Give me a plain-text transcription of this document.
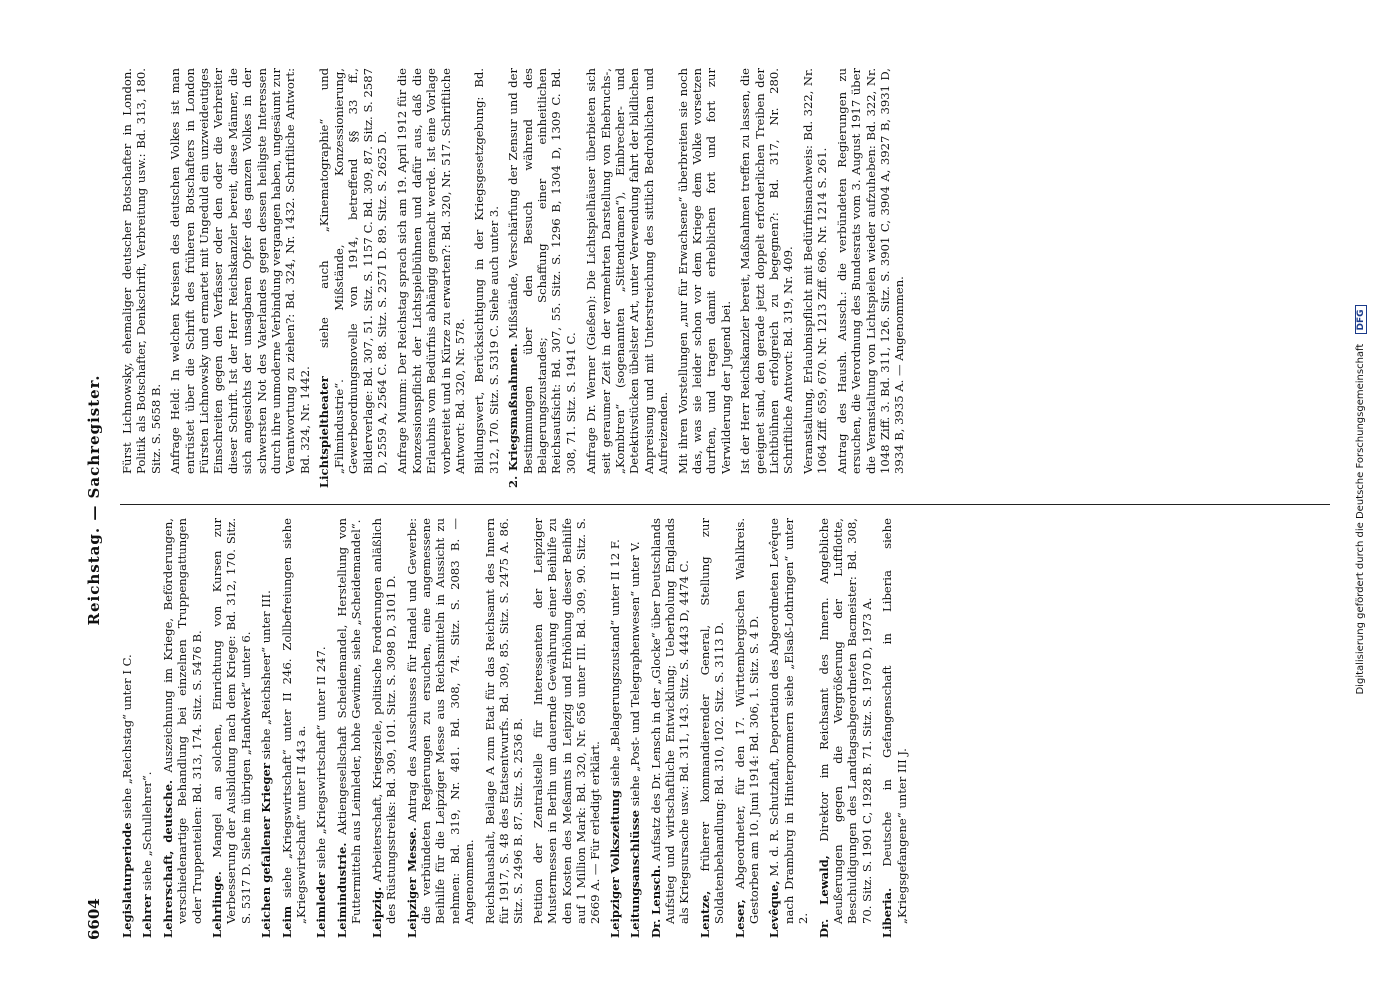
6604
Reichstag. — Sachregister.

Legislaturperiode siehe „Reichstag“ unter I C.

Lehrer siehe „Schullehrer“. Lehrerschaft, deutsche. Auszeichnung im Kriege, Beförderungen, verschiedenartige Behandlung bei einzelnen Truppengattungen oder Truppenteilen: Bd. 313, 174. Sitz. S. 5476 B. Lehrlinge. Mangel an solchen, Einrichtung von Kursen zur Verbesserung der Ausbildung nach dem Kriege: Bd. 312, 170. Sitz. S. 5317 D. Siehe im übrigen „Handwerk“ unter 6. Leichen gefallener Krieger siehe „Reichsheer“ unter III.

Leim siehe „Kriegswirtschaft“ unter II 246. Zollbefreiungen siehe „Kriegswirtschaft“ unter II 443 a. Leimleder siehe „Kriegswirtschaft“ unter II 247.

Leimindustrie. Aktiengesellschaft Scheidemandel, Herstellung von Futtermitteln aus Leimleder, hohe Gewinne, siehe „Scheidemandel“. Leipzig. Arbeiterschaft, Kriegsziele, politische Forderungen anläßlich des Rüstungsstreiks: Bd. 309, 101. Sitz. S. 3098 D, 3101 D. Leipziger Messe. Antrag des Ausschusses für Handel und Gewerbe: die verbündeten Regierungen zu ersuchen, eine angemessene Beihilfe für die Leipziger Messe aus Reichsmitteln in Aussicht zu nehmen: Bd. 319, Nr. 481. Bd. 308, 74. Sitz. S. 2083 B. — Angenommen. Reichshaushalt, Beilage A zum Etat für das Reichsamt des Innern für 1917, S. 48 des Etatsentwurfs. Bd. 309, 85. Sitz. S. 2475 A. 86. Sitz. S. 2496 B. 87. Sitz. S. 2536 B. Petition der Zentralstelle für Interessenten der Leipziger Mustermessen in Berlin um dauernde Gewährung einer Beihilfe zu den Kosten des Meßamts in Leipzig und Erhöhung dieser Beihilfe auf 1 Million Mark: Bd. 320, Nr. 656 unter III. Bd. 309, 90. Sitz. S. 2669 A. — Für erledigt erklärt. Leipziger Volkszeitung siehe „Belagerungszustand“ unter II 12 F.

Leitungsanschlüsse siehe „Post- und Telegraphenwesen“ unter V.

Dr. Lensch. Aufsatz des Dr. Lensch in der „Glocke“ über Deutschlands Aufstieg und wirtschaftliche Entwicklung; Ueberholung Englands als Kriegsursache usw.: Bd. 311, 143. Sitz. S. 4443 D, 4474 C. Lentze, früherer kommandierender General, Stellung zur Soldatenbehandlung: Bd. 310, 102. Sitz. S. 3113 D. Leser, Abgeordneter, für den 17. Württembergischen Wahlkreis. Gestorben am 10. Juni 1914: Bd. 306, 1. Sitz. S. 4 D. Levêque, M. d. R. Schutzhaft, Deportation des Abgeordneten Levêque nach Dramburg in Hinterpommern siehe „Elsaß-Lothringen“ unter 2. Dr. Lewald, Direktor im Reichsamt des Innern. Angebliche Aeußerungen gegen die Vergrößerung der Luftflotte, Beschuldigungen des Landtagsabgeordneten Bacmeister: Bd. 308, 70. Sitz. S. 1901 C, 1928 B. 71. Sitz. S. 1970 D, 1973 A. Liberia. Deutsche in Gefangenschaft in Liberia siehe „Kriegsgefangene“ unter III J.

Fürst Lichnowsky, ehemaliger deutscher Botschafter in London. Politik als Botschafter, Denkschrift, Verbreitung usw.: Bd. 313, 180. Sitz. S. 5658 B. Anfrage Held: In welchen Kreisen des deutschen Volkes ist man entrüstet über die Schrift des früheren Botschafters in London Fürsten Lichnowsky und ermartet mit Ungeduld ein unzweideutiges Einschreiten gegen den Verfasser oder den oder die Verbreiter dieser Schrift. Ist der Herr Reichskanzler bereit, diese Männer, die sich angesichts der unsagbaren Opfer des ganzen Volkes in der schwersten Not des Vaterlandes gegen dessen heiligste Interessen durch ihre unmoderne Verbindung vergangen haben, ungesäumt zur Verantwortung zu ziehen?: Bd. 324, Nr. 1432. Schriftliche Antwort: Bd. 324, Nr. 1442. Lichtspieltheater siehe auch „Kinematographie“ und „Filmindustrie“. Mißstände, Konzessionierung, Gewerbeordnungsnovelle von 1914, betreffend §§ 33 ff., Bilderverlage: Bd. 307, 51. Sitz. S. 1157 C. Bd. 309, 87. Sitz. S. 2587 D, 2559 A, 2564 C. 88. Sitz. S. 2571 D. 89. Sitz. S. 2625 D. Anfrage Mumm: Der Reichstag sprach sich am 19. April 1912 für die Konzessionspflicht der Lichtspielbühnen und dafür aus, daß die Erlaubnis vom Bedürfnis abhängig gemacht werde. Ist eine Vorlage vorbereitet und in Kürze zu erwarten?: Bd. 320, Nr. 517. Schriftliche Antwort: Bd. 320, Nr. 578. Bildungswert, Berücksichtigung in der Kriegsgesetzgebung: Bd. 312, 170. Sitz. S. 5319 C. Siehe auch unter 3. 2. Kriegsmaßnahmen. Mißstände, Verschärfung der Zensur und der Bestimmungen über den Besuch während des Belagerungszustandes; Schaffung einer einheitlichen Reichsaufsicht: Bd. 307, 55. Sitz. S. 1296 B, 1304 D, 1309 C. Bd. 308, 71. Sitz. S. 1941 C. Anfrage Dr. Werner (Gießen): Die Lichtspielhäuser überbieten sich seit geraumer Zeit in der vermehrten Darstellung von Ehebruchs-, „Kombtren“ (sogenannten „Sittendramen“), Einbrecher- und Detektivstücken übelster Art, unter Verwendung fahrt der bildlichen Anpreisung und mit Unterstreichung des sittlich Bedrohlichen und Aufreizenden. Mit ihren Vorstellungen „nur für Erwachsene“ überbreiten sie noch das, was sie leider schon vor dem Kriege dem Volke vorsetzen durften, und tragen damit erheblichen fort und fort zur Verwilderung der Jugend bei. Ist der Herr Reichskanzler bereit, Maßnahmen treffen zu lassen, die geeignet sind, den gerade jetzt doppelt erforderlichen Treiben der Lichtbühnen erfolgreich zu begegnen?: Bd. 317, Nr. 280. Schriftliche Antwort: Bd. 319, Nr. 409. Veranstaltung, Erlaubnispflicht mit Bedürfnisnachweis: Bd. 322, Nr. 1064 Ziff. 659, 670. Nr. 1213 Ziff. 696. Nr. 1214 S. 261. Antrag des Haush. Aussch.: die verbündeten Regierungen zu ersuchen, die Verordnung des Bundesrats vom 3. August 1917 über die Veranstaltung von Lichtspielen wieder aufzuheben: Bd. 322, Nr. 1048 Ziff. 3. Bd. 311, 126. Sitz. S. 3901 C, 3904 A, 3927 B, 3931 D, 3934 B, 3935 A. — Angenommen.	Digitalisierung gefördert durch die Deutsche Forschungsgemeinschaft DFG
